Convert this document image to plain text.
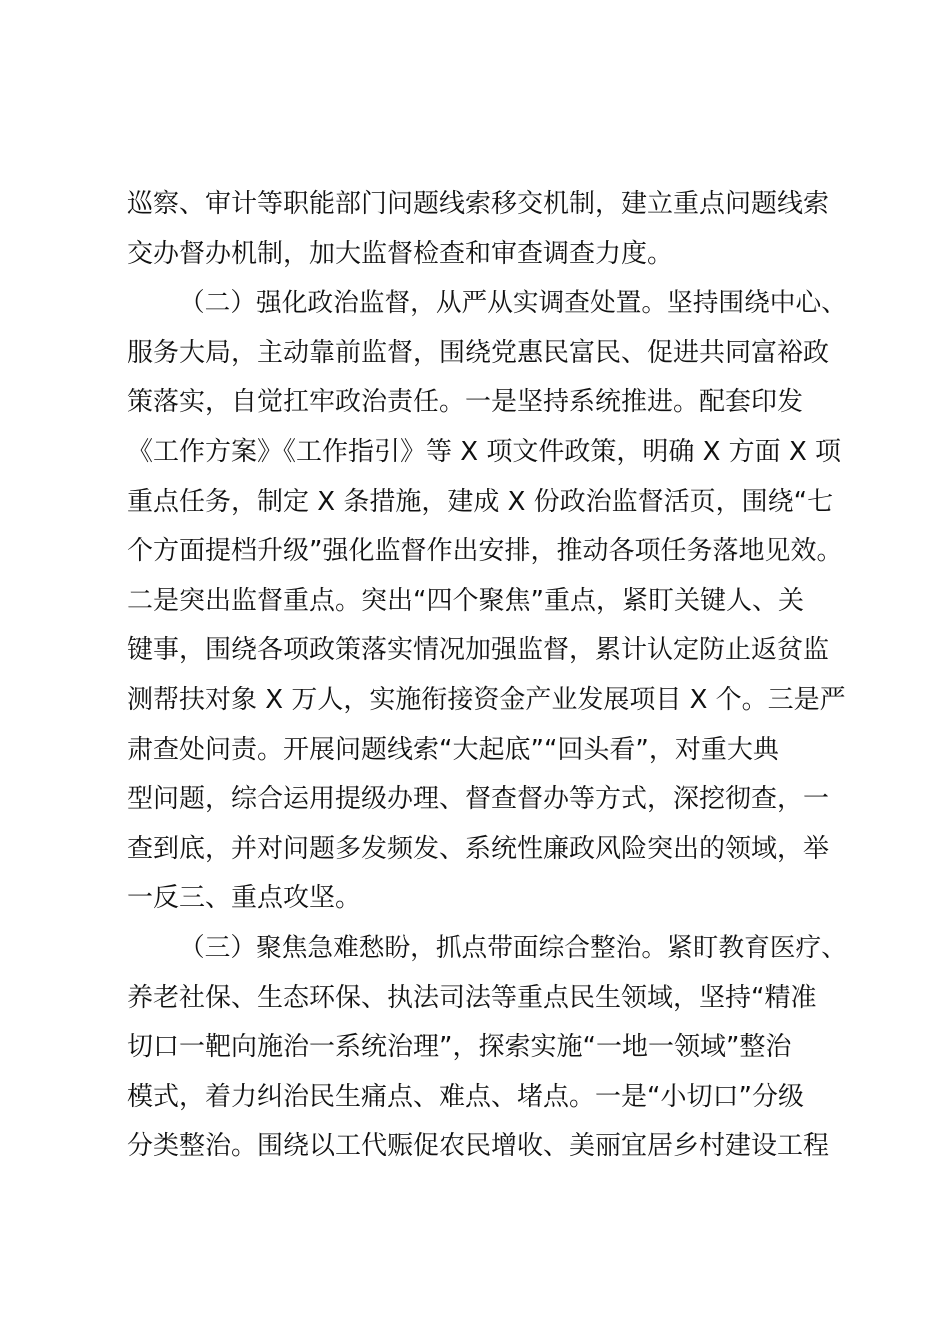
巡察、审计等职能部门问题线索移交机制，建立重点问题线索
交办督办机制，加大监督检查和审查调查力度。
（二）强化政治监督，从严从实调查处置。坚持围绕中心、
服务大局，主动靠前监督，围绕党惠民富民、促进共同富裕政
策落实，自觉扛牢政治责任。一是坚持系统推进。配套印发
《工作方案》《工作指引》等 X 项文件政策，明确 X 方面 X 项
重点任务，制定 X 条措施，建成 X 份政治监督活页，围绕“七
个方面提档升级”强化监督作出安排，推动各项任务落地见效。
二是突出监督重点。突出“四个聚焦”重点，紧盯关键人、关
键事，围绕各项政策落实情况加强监督，累计认定防止返贫监
测帮扶对象 X 万人，实施衔接资金产业发展项目 X 个。三是严
肃查处问责。开展问题线索“大起底”“回头看”，对重大典
型问题，综合运用提级办理、督查督办等方式，深挖彻查，一
查到底，并对问题多发频发、系统性廉政风险突出的领域，举
一反三、重点攻坚。
（三）聚焦急难愁盼，抓点带面综合整治。紧盯教育医疗、
养老社保、生态环保、执法司法等重点民生领域，坚持“精准
切口一靶向施治一系统治理”，探索实施“一地一领域”整治
模式，着力纠治民生痛点、难点、堵点。一是“小切口”分级
分类整治。围绕以工代赈促农民增收、美丽宜居乡村建设工程
